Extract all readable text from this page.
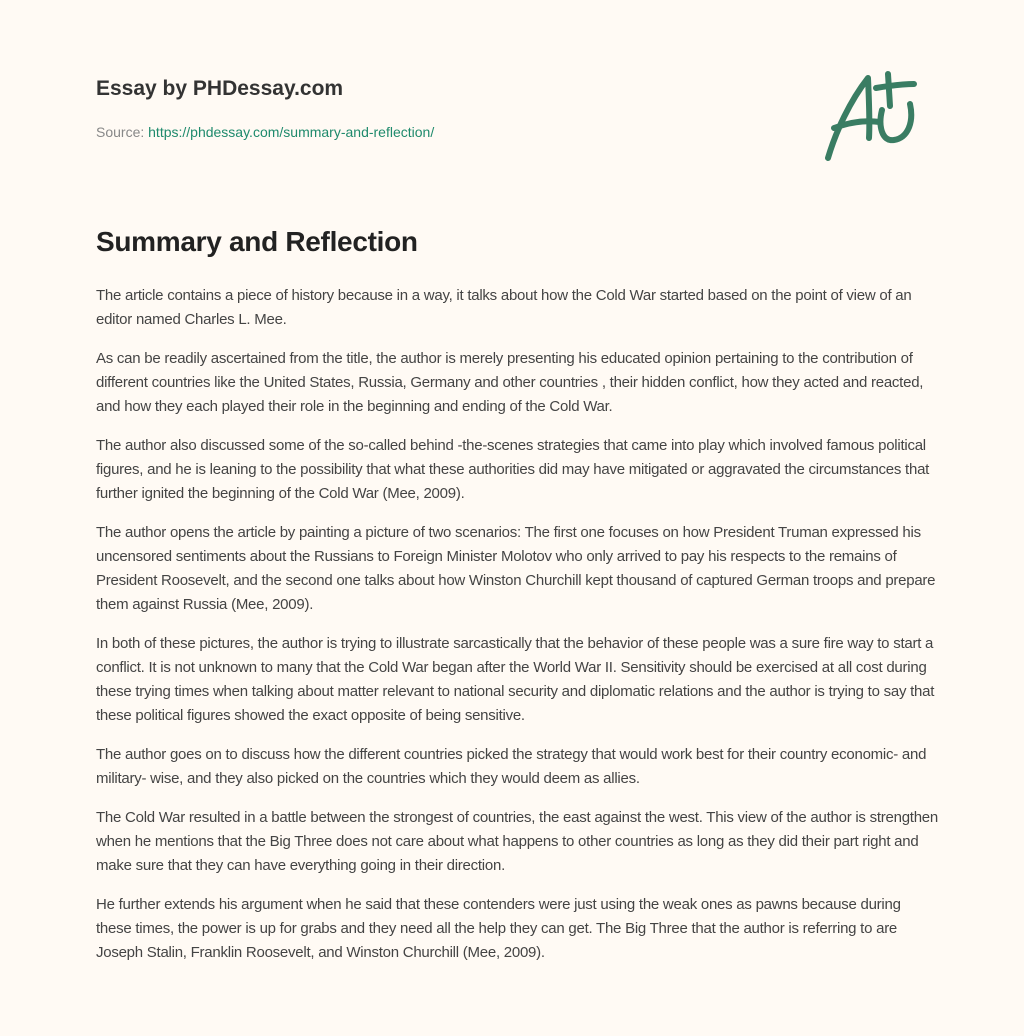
Essay by PHDessay.com
Source: https://phdessay.com/summary-and-reflection/
Summary and Reflection

The article contains a piece of history because in a way, it talks about how the Cold War started based on the point of view of an editor named Charles L. Mee.

As can be readily ascertained from the title, the author is merely presenting his educated opinion pertaining to the contribution of different countries like the United States, Russia, Germany and other countries , their hidden conflict, how they acted and reacted, and how they each played their role in the beginning and ending of the Cold War.

The author also discussed some of the so-called behind -the-scenes strategies that came into play which involved famous political figures, and he is leaning to the possibility that what these authorities did may have mitigated or aggravated the circumstances that further ignited the beginning of the Cold War (Mee, 2009).

The author opens the article by painting a picture of two scenarios: The first one focuses on how President Truman expressed his uncensored sentiments about the Russians to Foreign Minister Molotov who only arrived to pay his respects to the remains of President Roosevelt, and the second one talks about how Winston Churchill kept thousand of captured German troops and prepare them against Russia (Mee, 2009).

In both of these pictures, the author is trying to illustrate sarcastically that the behavior of these people was a sure fire way to start a conflict. It is not unknown to many that the Cold War began after the World War II. Sensitivity should be exercised at all cost during these trying times when talking about matter relevant to national security and diplomatic relations and the author is trying to say that these political figures showed the exact opposite of being sensitive.

The author goes on to discuss how the different countries picked the strategy that would work best for their country economic- and military- wise, and they also picked on the countries which they would deem as allies.

The Cold War resulted in a battle between the strongest of countries, the east against the west. This view of the author is strengthen when he mentions that the Big Three does not care about what happens to other countries as long as they did their part right and make sure that they can have everything going in their direction.

He further extends his argument when he said that these contenders were just using the weak ones as pawns because during these times, the power is up for grabs and they need all the help they can get. The Big Three that the author is referring to are Joseph Stalin, Franklin Roosevelt, and Winston Churchill (Mee, 2009).
